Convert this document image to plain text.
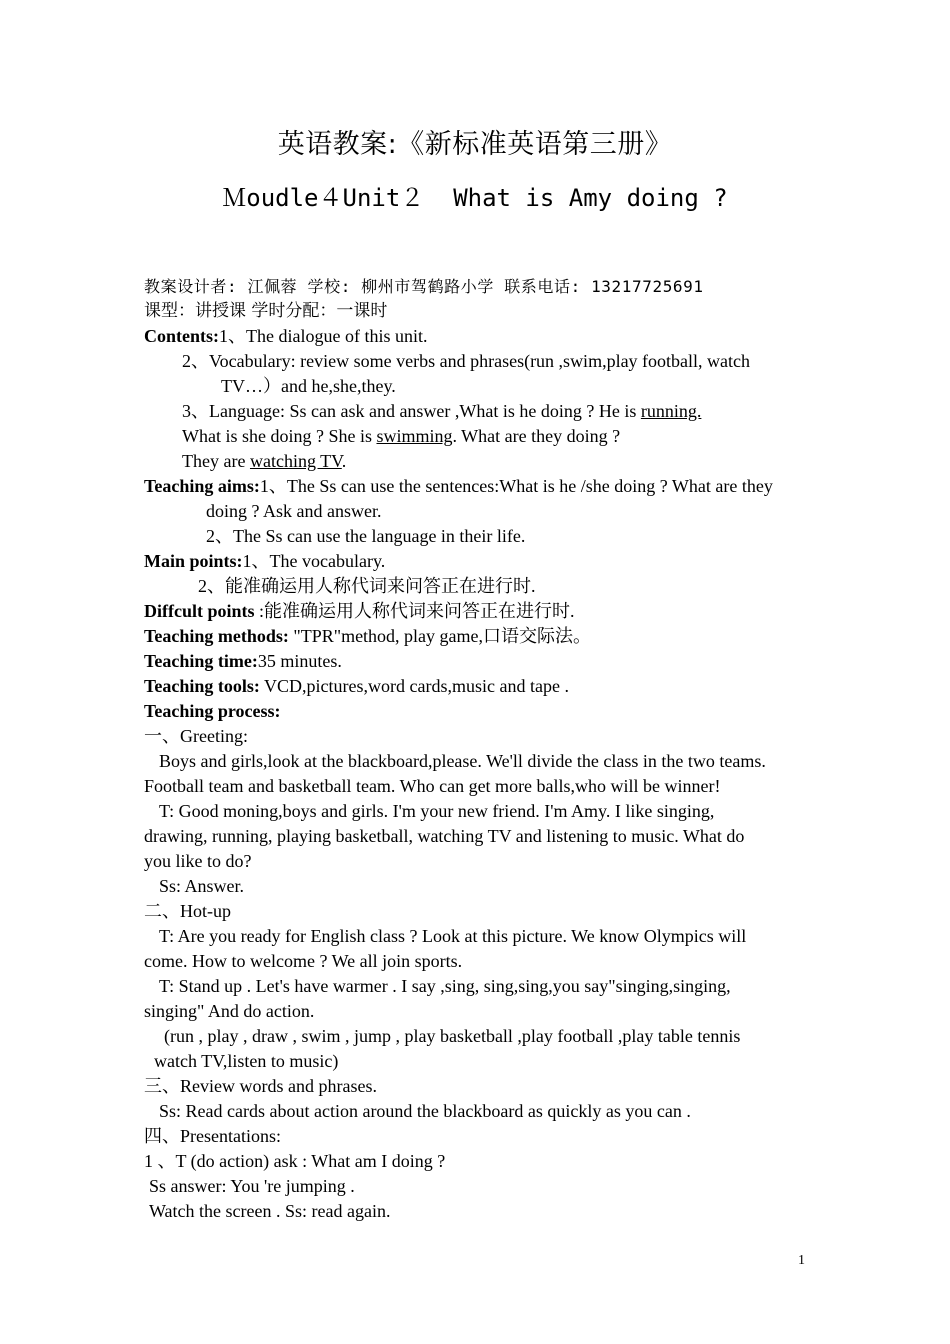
英语教案:《新标准英语第三册》
Ｍoudle４Unit２  What is Amy doing ?
教案设计者: 江佩蓉 学校: 柳州市驾鹤路小学 联系电话: 13217725691
课型：讲授课 学时分配：一课时
Contents:1、The dialogue of this unit.
2、Vocabulary: review some verbs and phrases(run ,swim,play football, watch
TV…）and he,she,they.
3、Language: Ss can ask and answer ,What is he doing ? He is running.
What is she doing ? She is swimming. What are they doing ?
They are watching TV.
Teaching aims:1、The Ss can use the sentences:What is he /she doing ? What are they
doing ? Ask and answer.
2、The Ss can use the language in their life.
Main points:1、The vocabulary.
2、能准确运用人称代词来问答正在进行时.
Diffcult points :能准确运用人称代词来问答正在进行时.
Teaching methods: "TPR"method, play game,口语交际法。
Teaching time:35 minutes.
Teaching tools: VCD,pictures,word cards,music and tape .
Teaching process:
一、Greeting:
Boys and girls,look at the blackboard,please. We'll divide the class in the two teams.
Football team and basketball team. Who can get more balls,who will be winner!
T: Good moning,boys and girls. I'm your new friend. I'm Amy. I like singing,
drawing, running, playing basketball, watching TV and listening to music. What do
you like to do?
Ss: Answer.
二、Hot-up
T: Are you ready for English class ? Look at this picture. We know Olympics will
come. How to welcome ? We all join sports.
T: Stand up . Let's have warmer . I say ,sing, sing,sing,you say"singing,singing,
singing" And do action.
(run , play , draw , swim , jump , play basketball ,play football ,play table tennis
watch TV,listen to music)
三、Review words and phrases.
Ss: Read cards about action around the blackboard as quickly as you can .
四、Presentations:
1 、T (do action) ask : What am I doing ?
Ss answer: You 're jumping .
Watch the screen . Ss: read again.
1
